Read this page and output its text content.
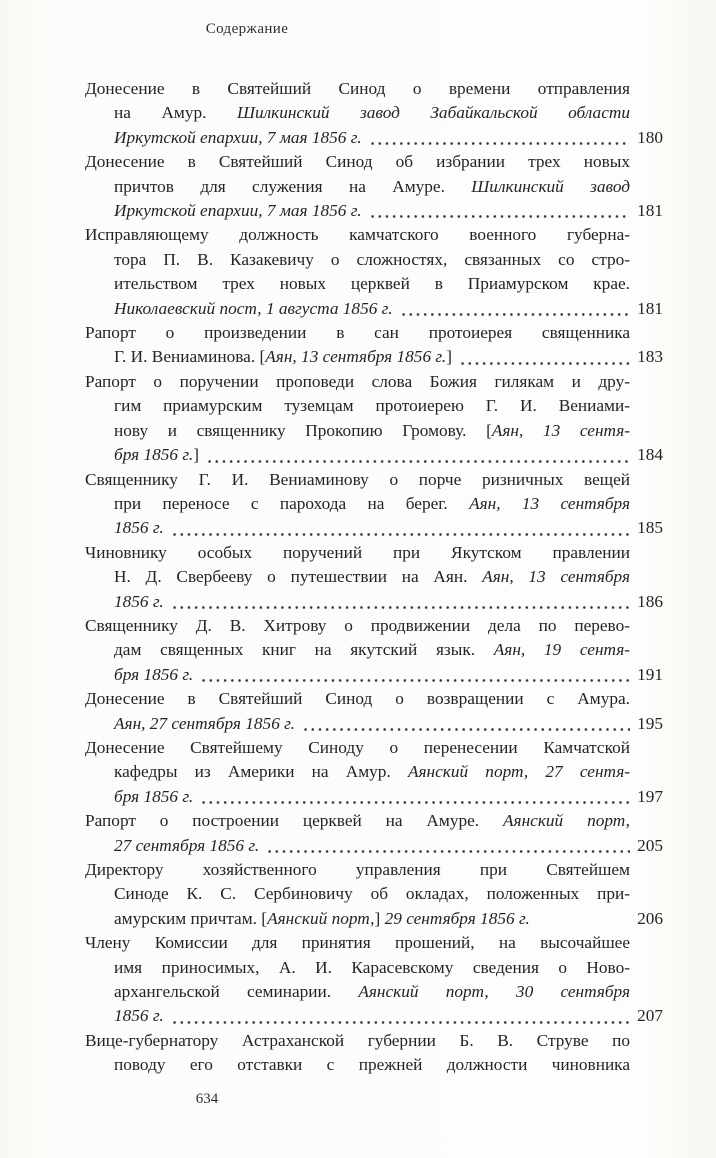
Содержание
Донесение в Святейший Синод о времени отправления
на Амур. Шилкинский завод Забайкальской области
Иркутской епархии, 7 мая 1856 г.	180
Донесение в Святейший Синод об избрании трех новых
причтов для служения на Амуре. Шилкинский завод
Иркутской епархии, 7 мая 1856 г.	181
Исправляющему должность камчатского военного губерна-
тора П. В. Казакевичу о сложностях, связанных со стро-
ительством трех новых церквей в Приамурском крае.
Николаевский пост, 1 августа 1856 г.	181
Рапорт о произведении в сан протоиерея священника
Г. И. Вениаминова. [Аян, 13 сентября 1856 г.]	183
Рапорт о поручении проповеди слова Божия гилякам и дру-
гим приамурским туземцам протоиерею Г. И. Вениами-
нову и священнику Прокопию Громову. [Аян, 13 сентя-
бря 1856 г.]	184
Священнику Г. И. Вениаминову о порче ризничных вещей
при переносе с парохода на берег. Аян, 13 сентября
1856 г.	185
Чиновнику особых поручений при Якутском правлении
Н. Д. Свербееву о путешествии на Аян. Аян, 13 сентября
1856 г.	186
Священнику Д. В. Хитрову о продвижении дела по перево-
дам священных книг на якутский язык. Аян, 19 сентя-
бря 1856 г.	191
Донесение в Святейший Синод о возвращении с Амура.
Аян, 27 сентября 1856 г.	195
Донесение Святейшему Синоду о перенесении Камчатской
кафедры из Америки на Амур. Аянский порт, 27 сентя-
бря 1856 г.	197
Рапорт о построении церквей на Амуре. Аянский порт,
27 сентября 1856 г.	205
Директору хозяйственного управления при Святейшем
Синоде К. С. Сербиновичу об окладах, положенных при-
амурским причтам. [Аянский порт,] 29 сентября 1856 г.	206
Члену Комиссии для принятия прошений, на высочайшее
имя приносимых, А. И. Карасевскому сведения о Ново-
архангельской семинарии. Аянский порт, 30 сентября
1856 г.	207
Вице-губернатору Астраханской губернии Б. В. Струве по
поводу его отставки с прежней должности чиновника
634
